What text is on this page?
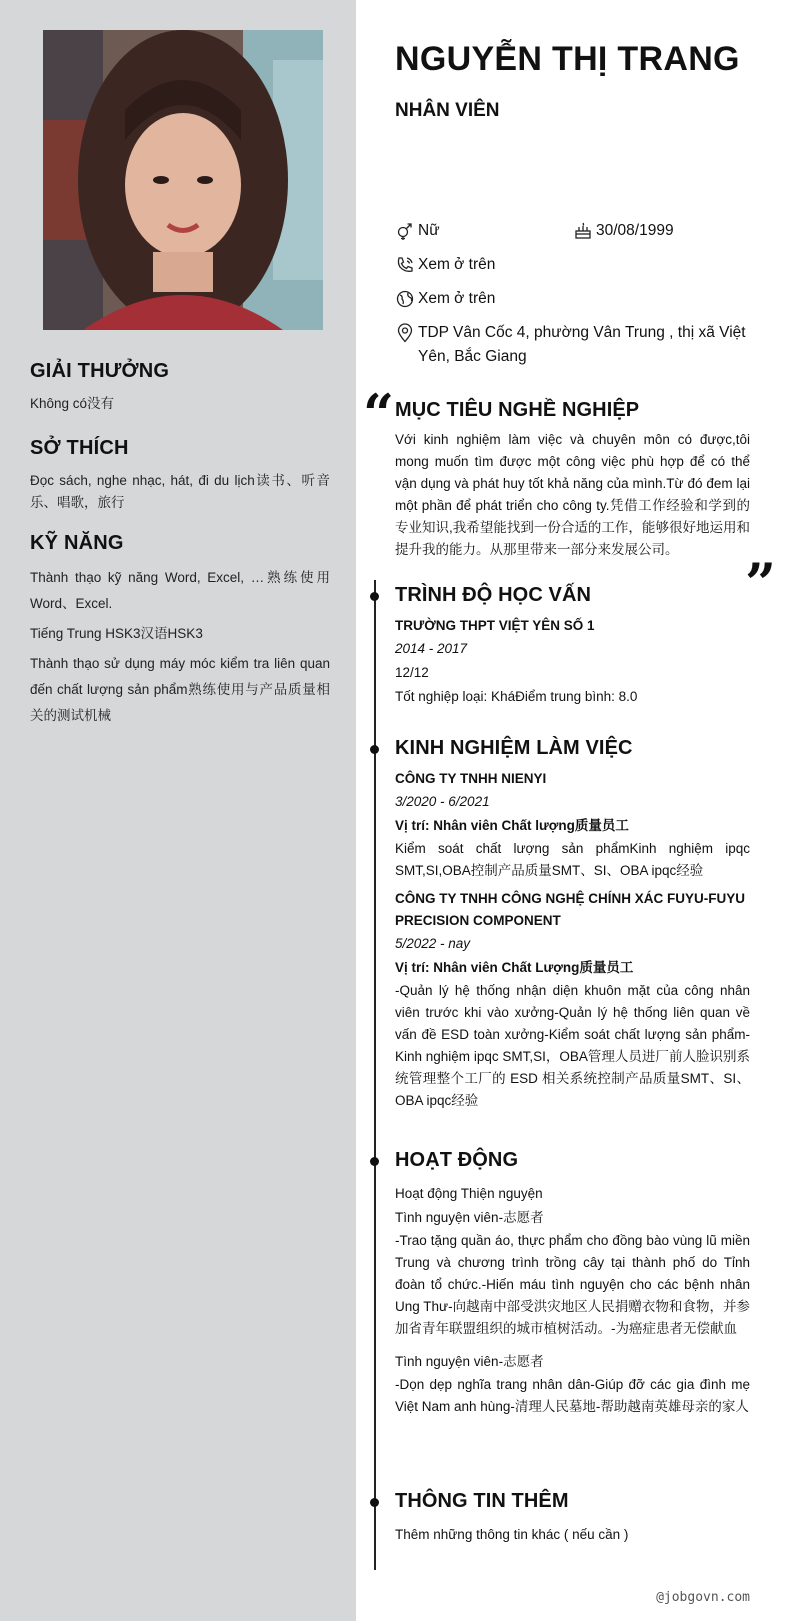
GIẢI THƯỞNG
Không có没有
SỞ THÍCH
Đọc sách, nghe nhạc, hát, đi du lịch读书、听音乐、唱歌，旅行
KỸ NĂNG

Thành thạo kỹ năng Word, Excel, …熟练使用Word、Excel.

Tiếng Trung HSK3汉语HSK3

Thành thạo sử dụng máy móc kiểm tra liên quan đến chất lượng sản phẩm熟练使用与产品质量相关的测试机械

NGUYỄN THỊ TRANG
NHÂN VIÊN
Nữ	30/08/1999
Xem ở trên
Xem ở trên
TDP Vân Cốc 4, phường Vân Trung , thị xã Việt Yên, Bắc Giang
“ MỤC TIÊU NGHỀ NGHIỆP
Với kinh nghiệm làm việc và chuyên môn có được,tôi mong muốn tìm được một công việc phù hợp để có thể vận dụng và phát huy tốt khả năng của mình.Từ đó đem lại một phần để phát triển cho công ty.凭借工作经验和学到的专业知识,我希望能找到一份合适的工作，能够很好地运用和提升我的能力。从那里带来一部分来发展公司。
”
TRÌNH ĐỘ HỌC VẤN
TRƯỜNG THPT VIỆT YÊN SỐ 1
2014 - 2017
12/12
Tốt nghiệp loại: KháĐiểm trung bình: 8.0
KINH NGHIỆM LÀM VIỆC
CÔNG TY TNHH NIENYI
3/2020 - 6/2021
Vị trí: Nhân viên Chất lượng质量员工
Kiểm soát chất lượng sản phẩmKinh nghiệm ipqc SMT,SI,OBA控制产品质量SMT、SI、OBA ipqc经验
CÔNG TY TNHH CÔNG NGHỆ CHÍNH XÁC FUYU-FUYU PRECISION COMPONENT
5/2022 - nay
Vị trí: Nhân viên Chất Lượng质量员工
-Quản lý hệ thống nhận diện khuôn mặt của công nhân viên trước khi vào xưởng-Quản lý hệ thống liên quan về vấn đề ESD toàn xưởng-Kiểm soát chất lượng sản phẩm-Kinh nghiệm ipqc SMT,SI，OBA管理人员进厂前人脸识别系统管理整个工厂的 ESD 相关系统控制产品质量SMT、SI、OBA ipqc经验
HOẠT ĐỘNG
Hoạt động Thiện nguyện
Tình nguyện viên-志愿者
-Trao tặng quần áo, thực phẩm cho đồng bào vùng lũ miền Trung và chương trình trồng cây tại thành phố do Tỉnh đoàn tổ chức.-Hiến máu tình nguyện cho các bệnh nhân Ung Thư-向越南中部受洪灾地区人民捐赠衣物和食物，并参加省青年联盟组织的城市植树活动。-为癌症患者无偿献血
Tình nguyện viên-志愿者
-Dọn dẹp nghĩa trang nhân dân-Giúp đỡ các gia đình mẹ Việt Nam anh hùng-清理人民墓地-帮助越南英雄母亲的家人
THÔNG TIN THÊM
Thêm những thông tin khác ( nếu cần )
@jobgovn.com
